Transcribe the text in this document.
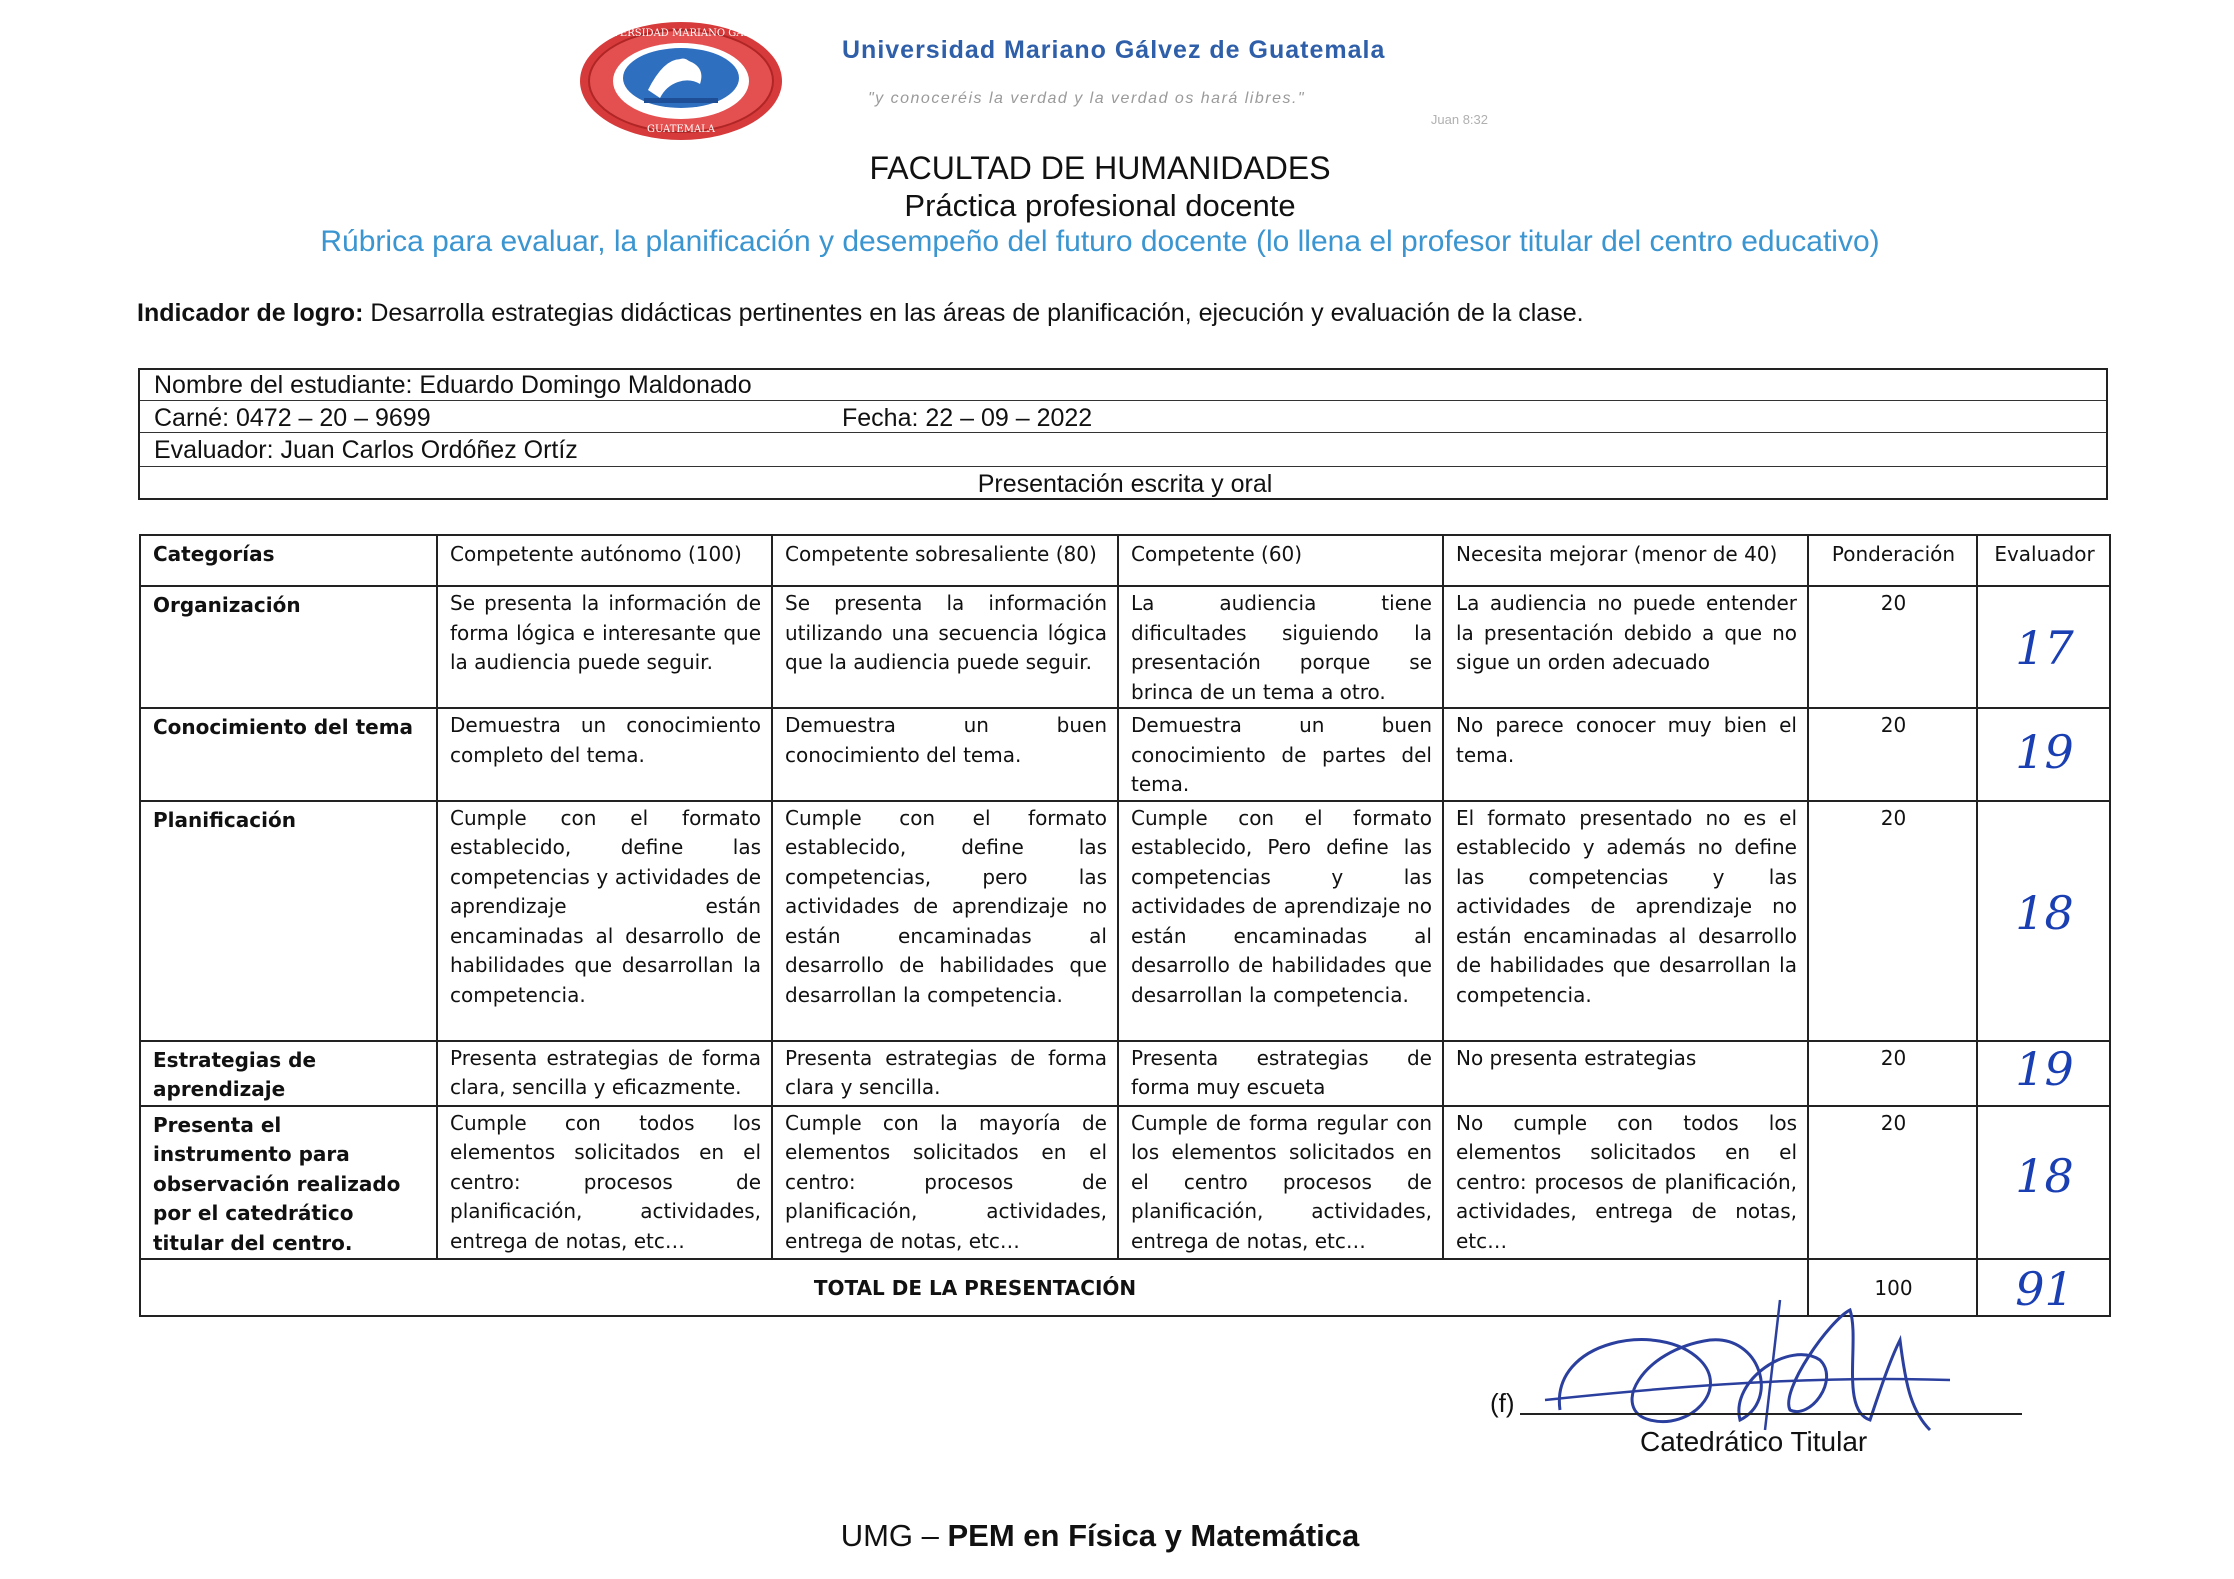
UNIVERSIDAD MARIANO GALVEZ
GUATEMALA
Universidad Mariano Gálvez de Guatemala
"y conoceréis la verdad y la verdad os hará libres."
Juan 8:32
FACULTAD DE HUMANIDADES
Práctica profesional docente
Rúbrica para evaluar, la planificación y desempeño del futuro docente (lo llena el profesor titular del centro educativo)
Indicador de logro: Desarrolla estrategias didácticas pertinentes en las áreas de planificación, ejecución y evaluación de la clase.
Nombre del estudiante: Eduardo Domingo Maldonado
Carné: 0472 – 20 – 9699	Fecha: 22 – 09 – 2022
Evaluador: Juan Carlos Ordóñez Ortíz
Presentación escrita y oral
Categorías	Competente autónomo (100)	Competente sobresaliente (80)	Competente (60)	Necesita mejorar (menor de 40)	Ponderación	Evaluador
Organización	Se presenta la información de forma lógica e interesante que la audiencia puede seguir.	Se presenta la información utilizando una secuencia lógica que la audiencia puede seguir.	La audiencia tiene dificultades siguiendo la presentación porque se brinca de un tema a otro.	La audiencia no puede entender la presentación debido a que no sigue un orden adecuado	20	17

Conocimiento del tema	Demuestra un conocimiento completo del tema.	Demuestra un buen conocimiento del tema.	Demuestra un buen conocimiento de partes del tema.	No parece conocer muy bien el tema.	20	19

Planificación	Cumple con el formato establecido, define las competencias y actividades de aprendizaje están encaminadas al desarrollo de habilidades que desarrollan la competencia.	Cumple con el formato establecido, define las competencias, pero las actividades de aprendizaje no están encaminadas al desarrollo de habilidades que desarrollan la competencia.	Cumple con el formato establecido, Pero define las competencias y las actividades de aprendizaje no están encaminadas al desarrollo de habilidades que desarrollan la competencia.	El formato presentado no es el establecido y además no define las competencias y las actividades de aprendizaje no están encaminadas al desarrollo de habilidades que desarrollan la competencia.	20	18

Estrategias de aprendizaje	Presenta estrategias de forma clara, sencilla y eficazmente.	Presenta estrategias de forma clara y sencilla.	Presenta estrategias de forma muy escueta	No presenta estrategias	20	19

Presenta el instrumento para observación realizado por el catedrático titular del centro.	Cumple con todos los elementos solicitados en el centro: procesos de planificación, actividades, entrega de notas, etc…	Cumple con la mayoría de elementos solicitados en el centro: procesos de planificación, actividades, entrega de notas, etc…	Cumple de forma regular con los elementos solicitados en el centro procesos de planificación, actividades, entrega de notas, etc…	No cumple con todos los elementos solicitados en el centro: procesos de planificación, actividades, entrega de notas, etc…	20	18

TOTAL DE LA PRESENTACIÓN					100	91
(f)
Catedrático Titular
UMG – PEM en Física y Matemática
